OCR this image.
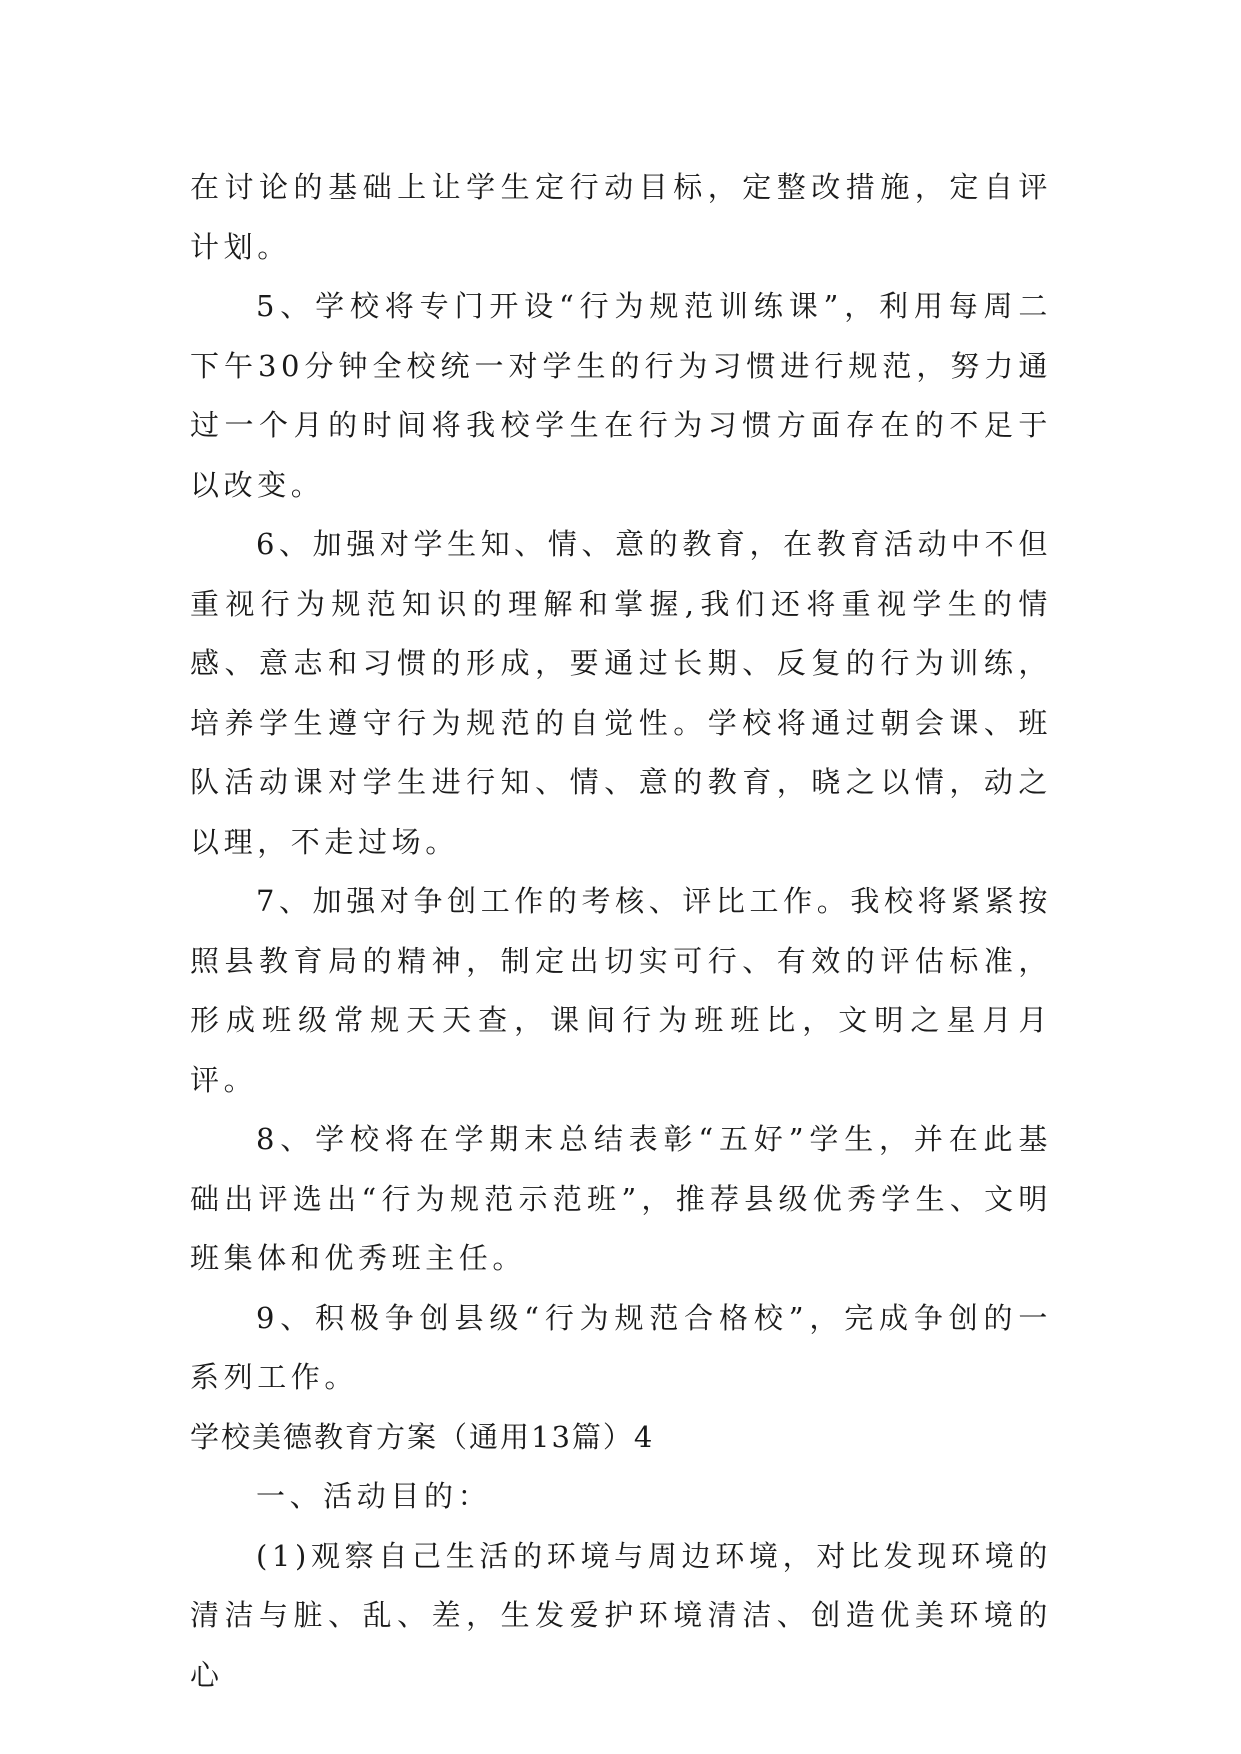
在讨论的基础上让学生定行动目标，定整改措施，定自评计划。

5、学校将专门开设“行为规范训练课”，利用每周二下午30分钟全校统一对学生的行为习惯进行规范，努力通过一个月的时间将我校学生在行为习惯方面存在的不足于以改变。

6、加强对学生知、情、意的教育，在教育活动中不但重视行为规范知识的理解和掌握,我们还将重视学生的情感、意志和习惯的形成，要通过长期、反复的行为训练，培养学生遵守行为规范的自觉性。学校将通过朝会课、班队活动课对学生进行知、情、意的教育，晓之以情，动之以理，不走过场。

7、加强对争创工作的考核、评比工作。我校将紧紧按照县教育局的精神，制定出切实可行、有效的评估标准，形成班级常规天天查，课间行为班班比，文明之星月月评。

8、学校将在学期末总结表彰“五好”学生，并在此基础出评选出“行为规范示范班”，推荐县级优秀学生、文明班集体和优秀班主任。

9、积极争创县级“行为规范合格校”，完成争创的一系列工作。

学校美德教育方案（通用13篇）4

一、活动目的：

(1)观察自己生活的环境与周边环境，对比发现环境的清洁与脏、乱、差，生发爱护环境清洁、创造优美环境的心
